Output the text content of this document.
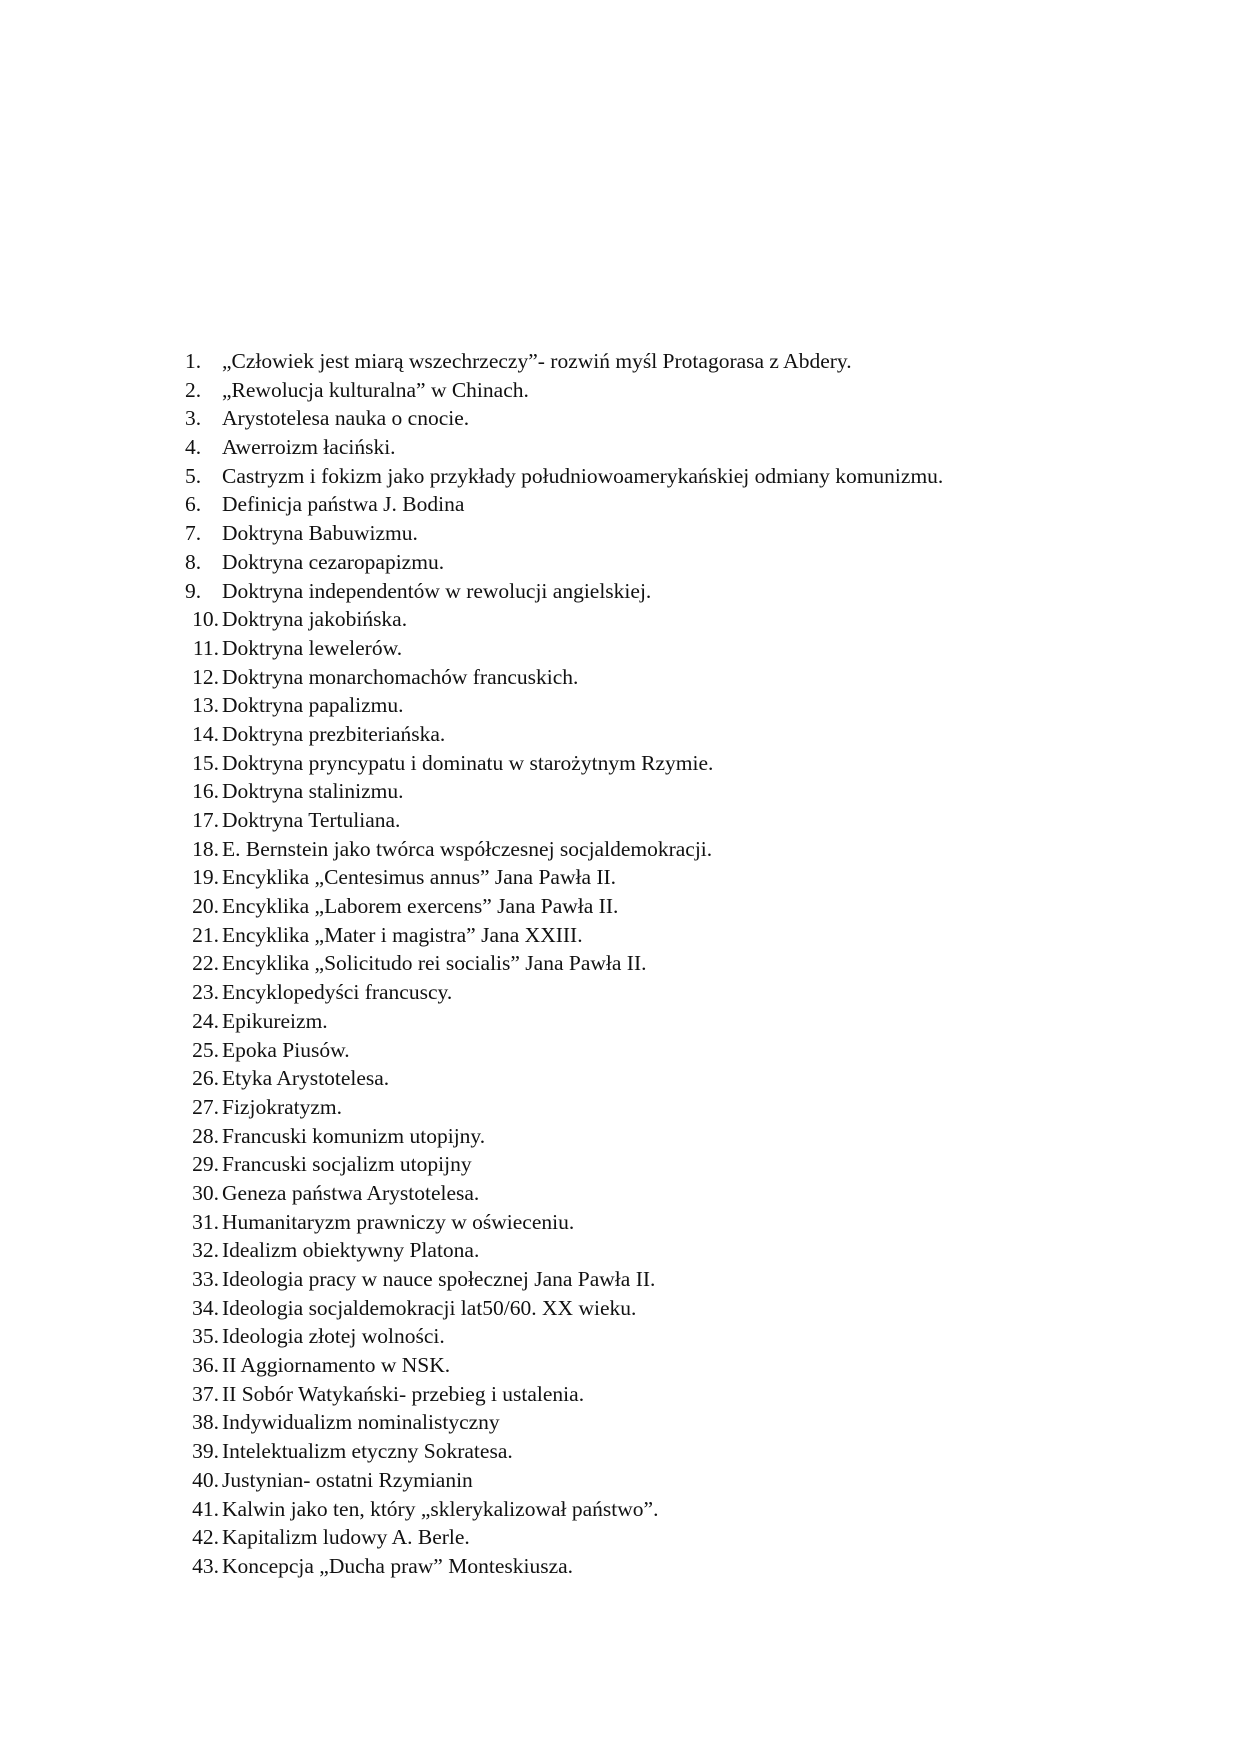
1. „Człowiek jest miarą wszechrzeczy”- rozwiń myśl Protagorasa z Abdery.
2. „Rewolucja kulturalna” w Chinach.
3. Arystotelesa nauka o cnocie.
4. Awerroizm łaciński.
5. Castryzm i fokizm jako przykłady południowoamerykańskiej odmiany komunizmu.
6. Definicja państwa J. Bodina
7. Doktryna Babuwizmu.
8. Doktryna cezaropapizmu.
9. Doktryna independentów w rewolucji angielskiej.
10. Doktryna jakobińska.
11. Doktryna lewelerów.
12. Doktryna monarchomachów francuskich.
13. Doktryna papalizmu.
14. Doktryna prezbiteriańska.
15. Doktryna pryncypatu i dominatu w starożytnym Rzymie.
16. Doktryna stalinizmu.
17. Doktryna Tertuliana.
18. E. Bernstein jako twórca współczesnej socjaldemokracji.
19. Encyklika „Centesimus annus” Jana Pawła II.
20. Encyklika „Laborem exercens” Jana Pawła II.
21. Encyklika „Mater i magistra” Jana XXIII.
22. Encyklika „Solicitudo rei socialis” Jana Pawła II.
23. Encyklopedyści francuscy.
24. Epikureizm.
25. Epoka Piusów.
26. Etyka Arystotelesa.
27. Fizjokratyzm.
28. Francuski komunizm utopijny.
29. Francuski socjalizm utopijny
30. Geneza państwa Arystotelesa.
31. Humanitaryzm prawniczy w oświeceniu.
32. Idealizm obiektywny Platona.
33. Ideologia pracy w nauce społecznej Jana Pawła II.
34. Ideologia socjaldemokracji lat50/60. XX wieku.
35. Ideologia złotej wolności.
36. II Aggiornamento w NSK.
37. II Sobór Watykański- przebieg i ustalenia.
38. Indywidualizm nominalistyczny
39. Intelektualizm etyczny Sokratesa.
40. Justynian- ostatni Rzymianin
41. Kalwin jako ten, który „sklerykalizował państwo”.
42. Kapitalizm ludowy A. Berle.
43. Koncepcja „Ducha praw” Monteskiusza.
